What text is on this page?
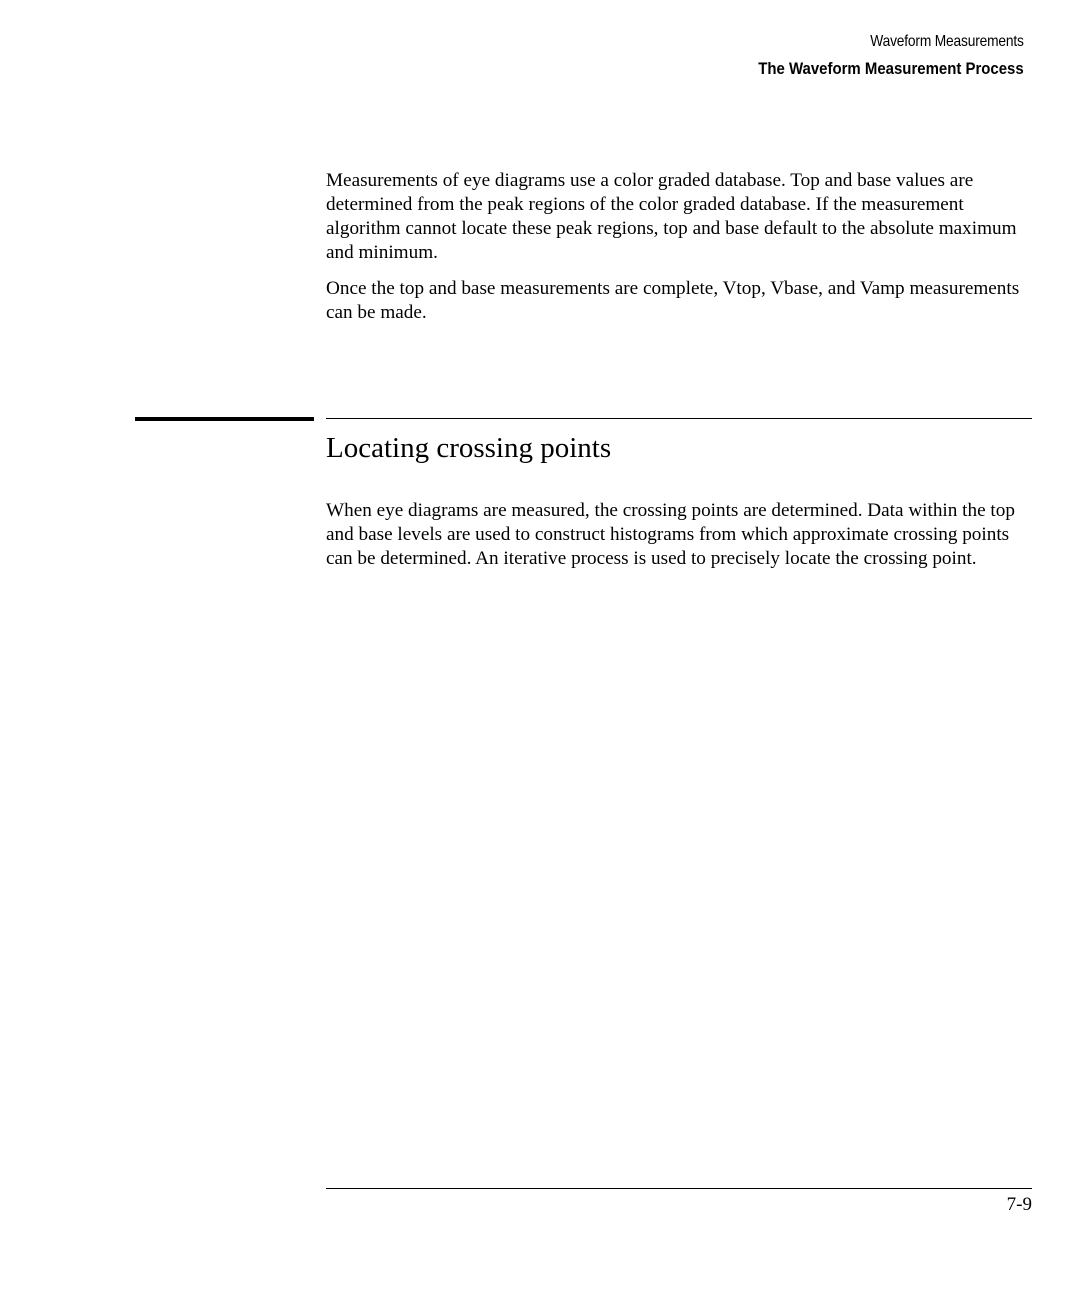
Waveform Measurements
The Waveform Measurement Process

Measurements of eye diagrams use a color graded database. Top and base values are determined from the peak regions of the color graded database. If the measurement algorithm cannot locate these peak regions, top and base default to the absolute maximum and minimum.

Once the top and base measurements are complete, Vtop, Vbase, and Vamp measurements can be made.

Locating crossing points

When eye diagrams are measured, the crossing points are determined. Data within the top and base levels are used to construct histograms from which approximate crossing points can be determined. An iterative process is used to precisely locate the crossing point.

7-9
